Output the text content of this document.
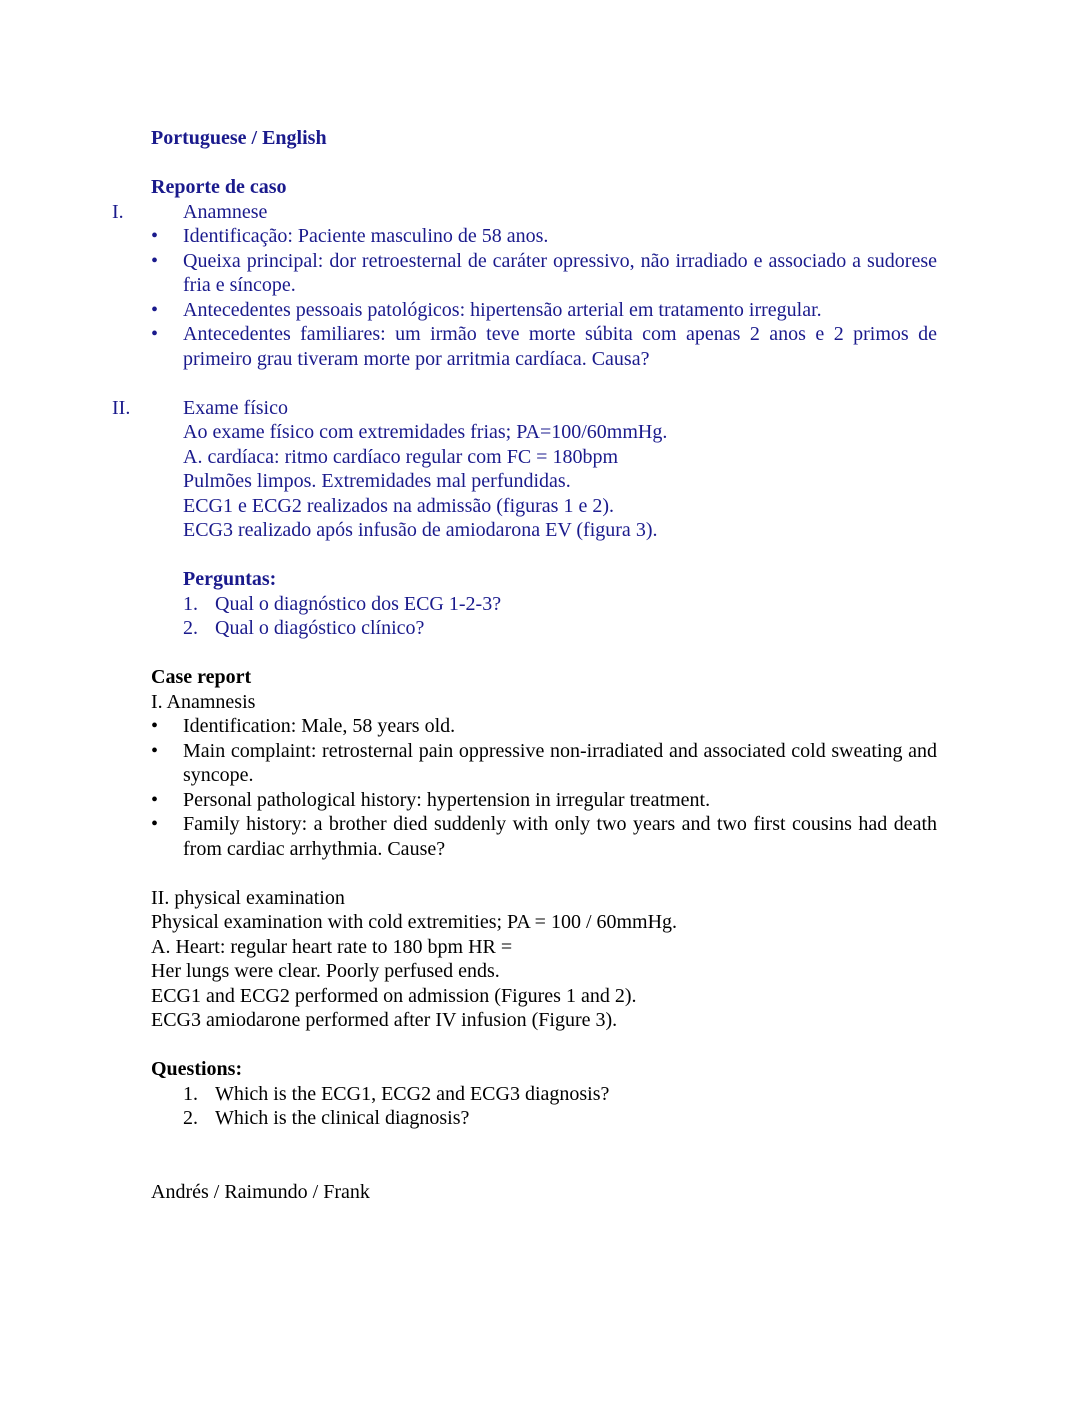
Portuguese / English
Reporte de caso
I.	Anamnese
•	Identificação: Paciente masculino de 58 anos.
•	Queixa principal: dor retroesternal de caráter opressivo, não irradiado e associado a sudorese fria e síncope.
•	Antecedentes pessoais patológicos: hipertensão arterial em tratamento irregular.
•	Antecedentes familiares: um irmão teve morte súbita com apenas 2 anos e 2 primos de primeiro grau tiveram morte por arritmia cardíaca. Causa?
II.	Exame físico
Ao exame físico com extremidades frias; PA=100/60mmHg.
A. cardíaca: ritmo cardíaco regular com FC = 180bpm
Pulmões limpos. Extremidades mal perfundidas.
ECG1 e ECG2 realizados na admissão (figuras 1 e 2).
ECG3 realizado após infusão de amiodarona EV (figura 3).
Perguntas:
1. Qual o diagnóstico dos ECG 1-2-3?
2. Qual o diagóstico clínico?
Case report
I. Anamnesis
•	Identification: Male, 58 years old.
•	Main complaint: retrosternal pain oppressive non-irradiated and associated cold sweating and syncope.
•	Personal pathological history: hypertension in irregular treatment.
•	Family history: a brother died suddenly with only two years and two first cousins had death from cardiac arrhythmia. Cause?
II. physical examination
Physical examination with cold extremities; PA = 100 / 60mmHg.
A. Heart: regular heart rate to 180 bpm HR =
Her lungs were clear. Poorly perfused ends.
ECG1 and ECG2 performed on admission (Figures 1 and 2).
ECG3 amiodarone performed after IV infusion (Figure 3).
Questions:
1. Which is the ECG1, ECG2 and ECG3 diagnosis?
2. Which is the clinical diagnosis?
Andrés / Raimundo / Frank
